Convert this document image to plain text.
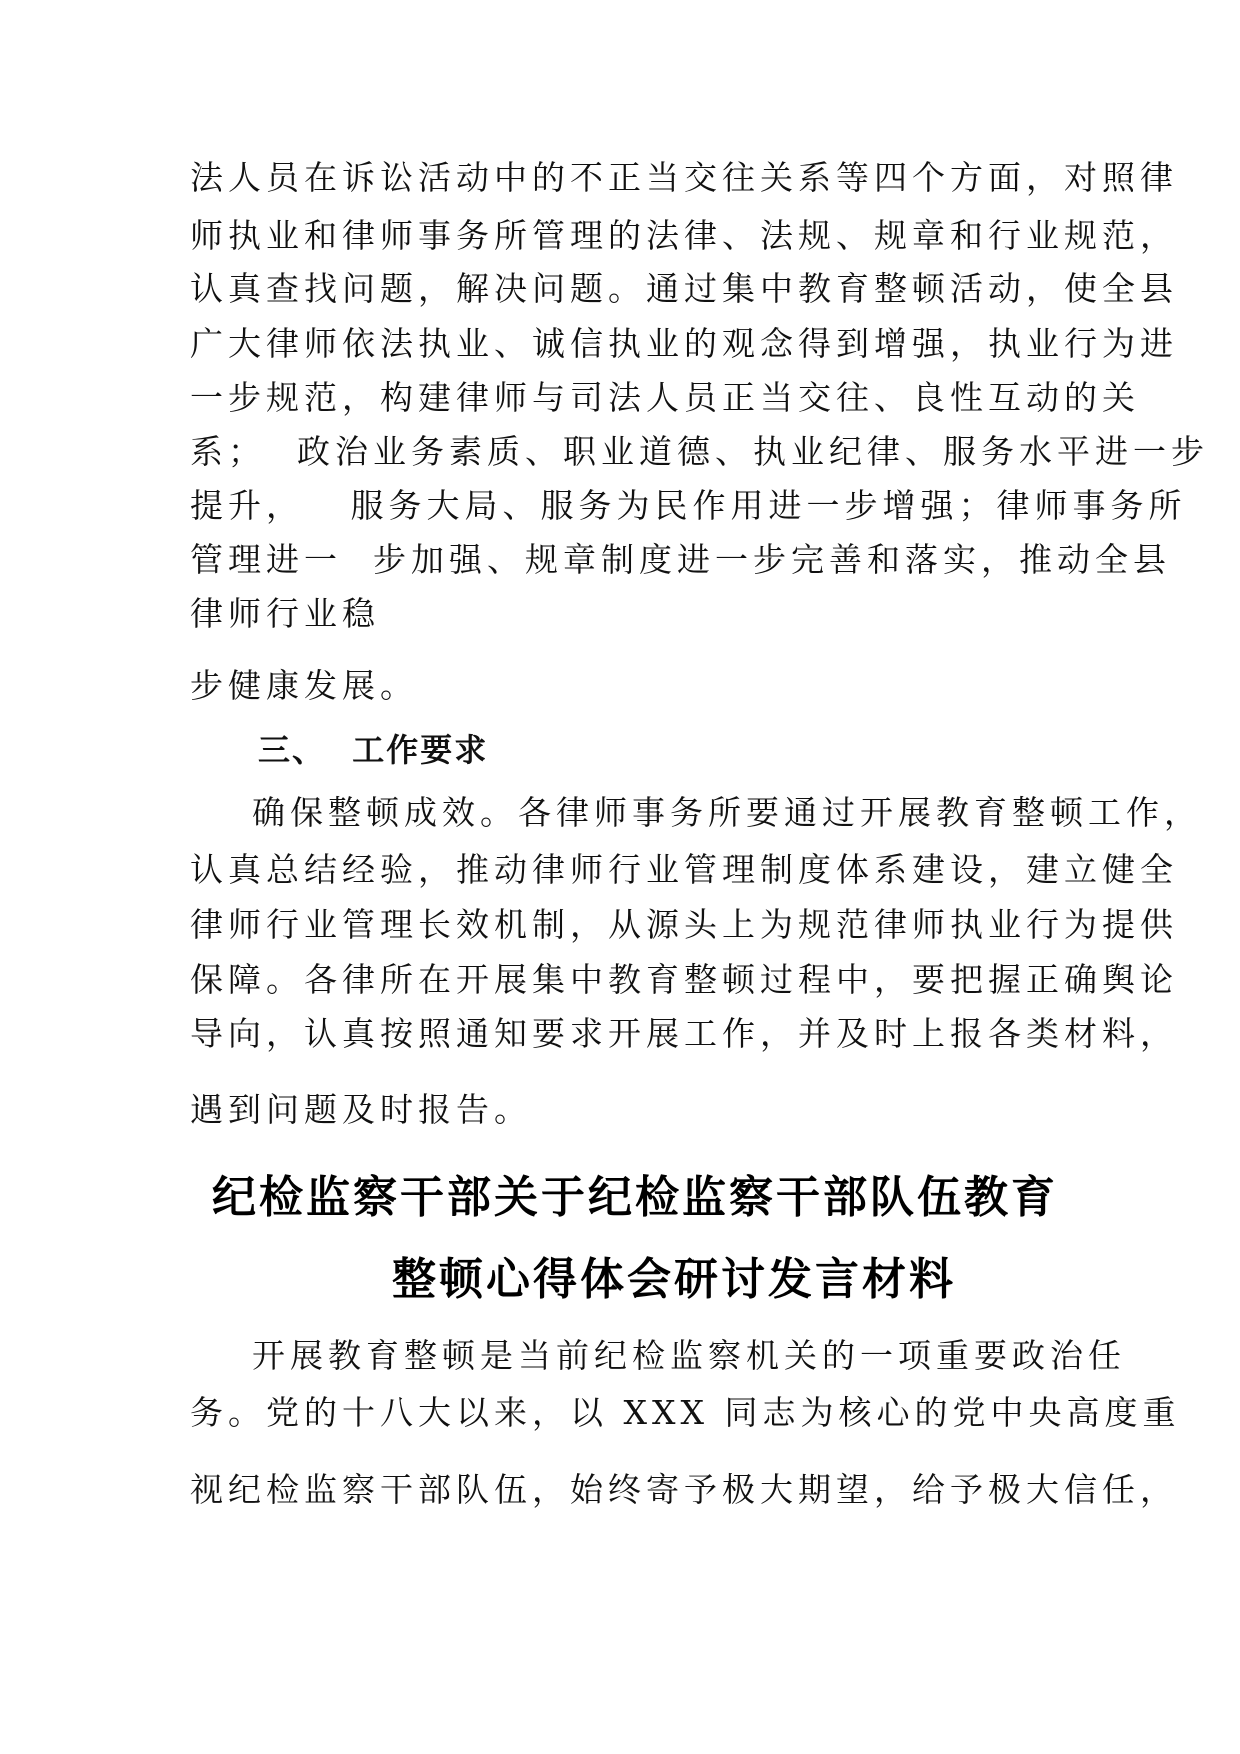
法人员在诉讼活动中的不正当交往关系等四个方面，对照律
师执业和律师事务所管理的法律、法规、规章和行业规范，
认真查找问题，解决问题。通过集中教育整顿活动，使全县
广大律师依法执业、诚信执业的观念得到增强，执业行为进
一步规范，构建律师与司法人员正当交往、良性互动的关
系；  政治业务素质、职业道德、执业纪律、服务水平进一步
提升，   服务大局、服务为民作用进一步增强；律师事务所
管理进一  步加强、规章制度进一步完善和落实，推动全县
律师行业稳
步健康发展。
三、  工作要求
确保整顿成效。各律师事务所要通过开展教育整顿工作，
认真总结经验，推动律师行业管理制度体系建设，建立健全
律师行业管理长效机制，从源头上为规范律师执业行为提供
保障。各律所在开展集中教育整顿过程中，要把握正确舆论
导向，认真按照通知要求开展工作，并及时上报各类材料，
遇到问题及时报告。
纪检监察干部关于纪检监察干部队伍教育
整顿心得体会研讨发言材料
开展教育整顿是当前纪检监察机关的一项重要政治任
务。党的十八大以来，以 XXX 同志为核心的党中央高度重
视纪检监察干部队伍，始终寄予极大期望，给予极大信任，
